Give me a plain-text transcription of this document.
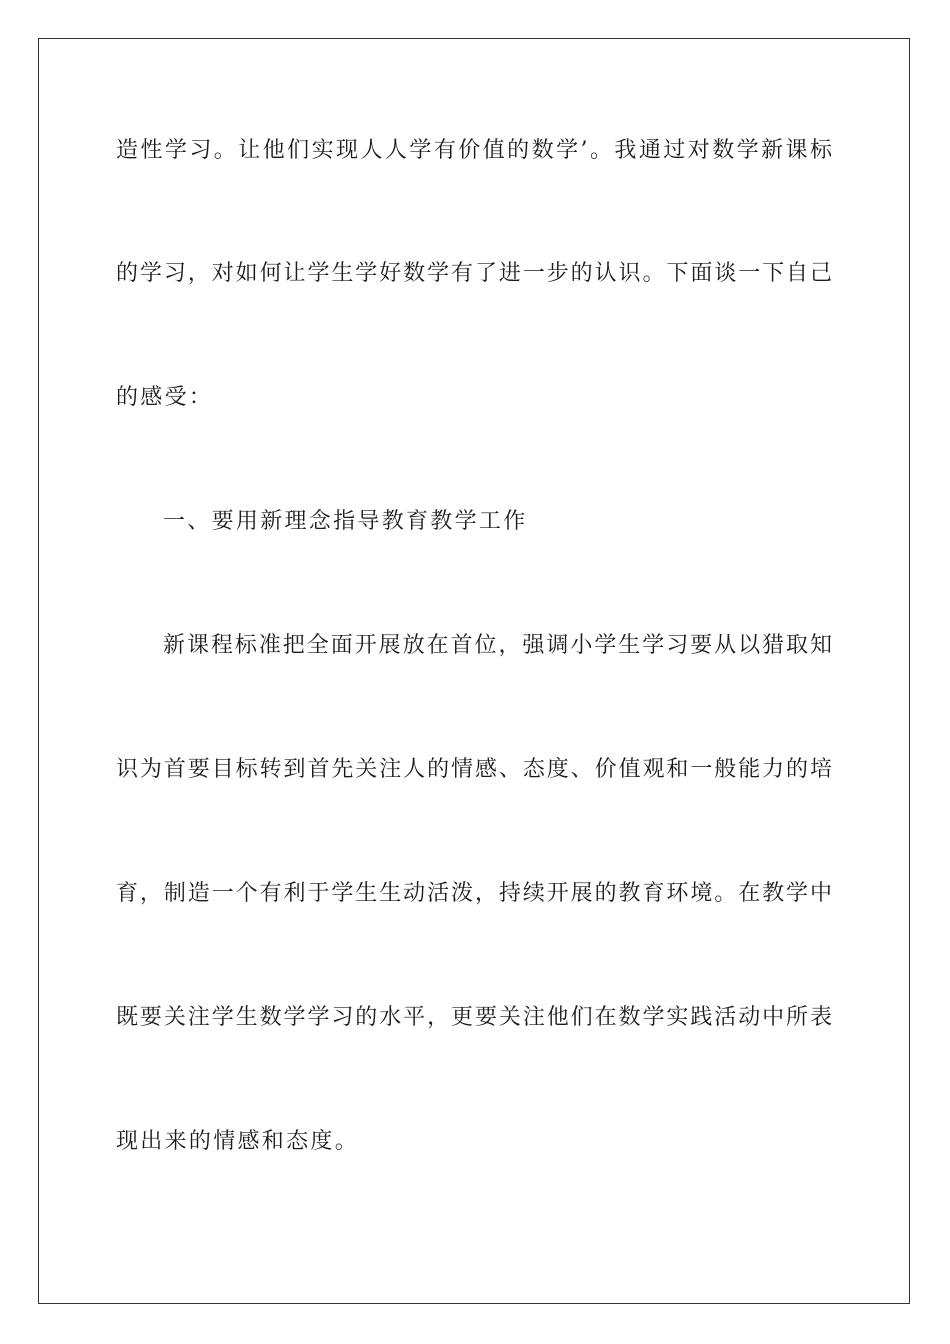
造性学习。让他们实现人人学有价值的数学’。我通过对数学新课标
的学习，对如何让学生学好数学有了进一步的认识。下面谈一下自己
的感受：
一、要用新理念指导教育教学工作
新课程标准把全面开展放在首位，强调小学生学习要从以猎取知
识为首要目标转到首先关注人的情感、态度、价值观和一般能力的培
育，制造一个有利于学生生动活泼，持续开展的教育环境。在教学中
既要关注学生数学学习的水平，更要关注他们在数学实践活动中所表
现出来的情感和态度。
